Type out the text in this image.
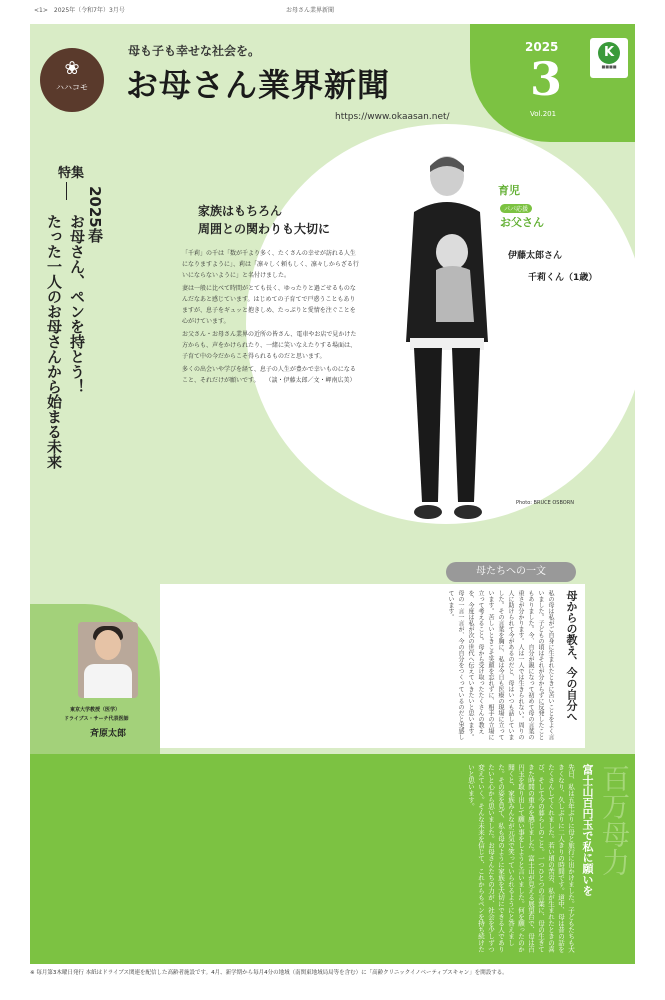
<1>　2025年（令和7年）3月号	お母さん業界新聞
❀
ハハコモ
母も子も幸せな社会を。
お母さん業界新聞
https://www.okaasan.net/
2025
3
Vol.201
K
■■■■
特集
2025春
お母さん、ペンを持とう！
たった一人のお母さんから始まる未来
家族はもちろん
周囲との関わりも大切に

「千莉」の千は「数が千より多く、たくさんの幸せが訪れる人生になりますように」、莉は「凛々しく頼もしく、凛々しからざる行いにならないように」と名付けました。

妻は一般に比べて時間がとても長く、ゆったりと過ごせるものなんだなあと感じています。はじめての子育てで戸惑うこともありますが、息子をギュッと抱きしめ、たっぷりと愛情を注ぐことを心がけています。

お父さん・お母さん業界の近所の皆さん、電車やお店で見かけた方からも、声をかけられたり、一緒に笑いなえたりする場面は、子育て中の今だからこそ得られるものだと思います。

多くの出会いや学びを経て、息子の人生が豊かで幸いものになること、それだけが願いです。　　（談・伊藤太郎／文・岬南広美）

育児
パパ応援
お父さん
伊藤太郎さん
千莉くん（1歳）
Photo: BRUCE OSBORN
東京大学教授（医学）
ドライブス・サーチ代表医師
斉原太郎
母からの教え、今の自分へ
私の母は私がご自身に生まれたときに苦いことをよく言いました。子どもの頃はそれが分からずに反発したこともありました。今、自分が親になって初めて母の言葉の重さが分かります。人は一人では生きられない。周りの人に助けられて今があるのだと、母はいつも話していました。その言葉を胸に、私は今日も医療の現場に立っています。苦しいときこそ笑顔を忘れずに、相手の立場に立って考えること。母から受け取ったたくさんの教えを、今度は私が次の世代へ伝えていきたいと思います。母の一言一言が、今の自分をつくっているのだと実感しています。
母たちへの一文
先日、私は五年ぶりに母と旅行に出かけました。子どもたちも大きくなり、久しぶりに二人きりの時間です。道中、母は昔の話をたくさんしてくれました。若い頃の苦労、私が生まれたときの喜び、そして今の暮らしのこと。一つひとつの言葉に、母の生きてきた時間の重みを感じました。富士山が見える展望台で、母は百円玉を取り出して願い事をしようと言いました。何を願ったのか聞くと、家族みんなが元気で笑っていられるようにと答えました。その姿を見て、私も母のように家族を大切にできる人でありたいと心から思いました。お母さんたちの力が、社会を少しずつ変えていく。そんな未来を信じて、これからもペンを持ち続けたいと思います。	富士山百円玉で私に願いを 百万母力
※ 毎月第3木曜日発行 本紙はドライブス関連を配信した高齢者施設です。4月、新学期から毎月4分の地域（南関東地域局局等を含む）に「高齢クリニックイノベーティブスキャン」を開設する。
